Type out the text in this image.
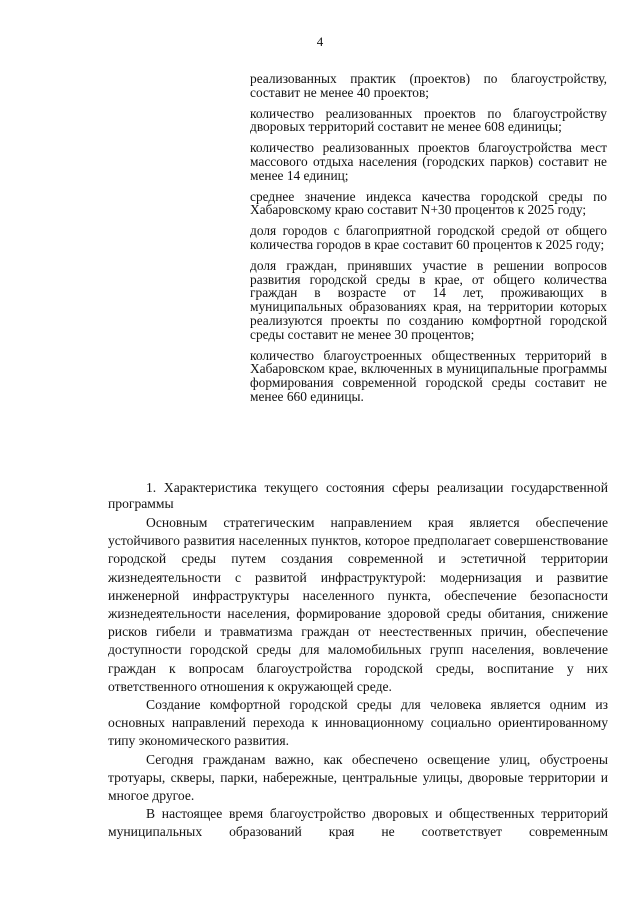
4

реализованных практик (проектов) по благоустройству, составит не менее 40 проектов;

количество реализованных проектов по благоустройству дворовых территорий составит не менее 608 единицы;

количество реализованных проектов благоустройства мест массового отдыха населения (городских парков) составит не менее 14 единиц;

среднее значение индекса качества городской среды по Хабаровскому краю составит N+30 процентов к 2025 году;

доля городов с благоприятной городской средой от общего количества городов в крае составит 60 процентов к 2025 году;

доля граждан, принявших участие в решении вопросов развития городской среды в крае, от общего количества граждан в возрасте от 14 лет, проживающих в муниципальных образованиях края, на территории которых реализуются проекты по созданию комфортной городской среды составит не менее 30 процентов;

количество благоустроенных общественных территорий в Хабаровском крае, включенных в муниципальные программы формирования современной городской среды составит не менее 660 единицы.

1. Характеристика текущего состояния сферы реализации государственной программы

Основным стратегическим направлением края является обеспечение устойчивого развития населенных пунктов, которое предполагает совершенствование городской среды путем создания современной и эстетичной территории жизнедеятельности с развитой инфраструктурой: модернизация и развитие инженерной инфраструктуры населенного пункта, обеспечение безопасности жизнедеятельности населения, формирование здоровой среды обитания, снижение рисков гибели и травматизма граждан от неестественных причин, обеспечение доступности городской среды для маломобильных групп населения, вовлечение граждан к вопросам благоустройства городской среды, воспитание у них ответственного отношения к окружающей среде.

Создание комфортной городской среды для человека является одним из основных направлений перехода к инновационному социально ориентированному типу экономического развития.

Сегодня гражданам важно, как обеспечено освещение улиц, обустроены тротуары, скверы, парки, набережные, центральные улицы, дворовые территории и многое другое.

В настоящее время благоустройство дворовых и общественных территорий муниципальных образований края не соответствует современным
